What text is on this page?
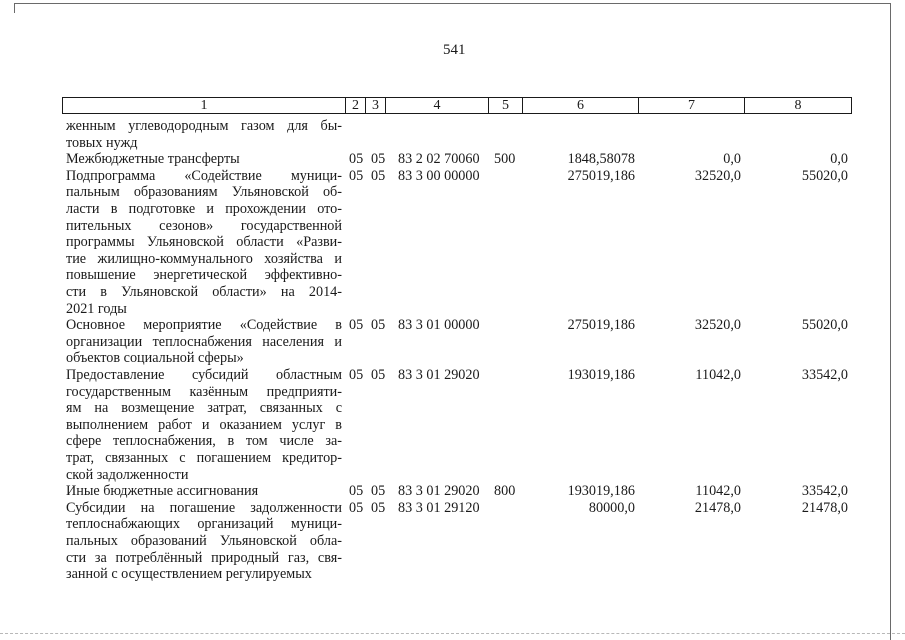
541
1	2 3	4	5	6	7	8
женным углеводородным газом для бы-
товых нужд
Межбюджетные трансферты	05 05 83 2 02 70060 500	1848,58078	0,0	0,0
Подпрограмма «Содействие муници-
пальным образованиям Ульяновской об-
ласти в подготовке и прохождении ото-
пительных сезонов» государственной
программы Ульяновской области «Разви-
тие жилищно-коммунального хозяйства и
повышение энергетической эффективно-
сти в Ульяновской области» на 2014-
2021 годы
05 05 83 3 00 00000	275019,186	32520,0	55020,0
Основное мероприятие «Содействие в
организации теплоснабжения населения и
объектов социальной сферы»
05 05 83 3 01 00000	275019,186	32520,0	55020,0
Предоставление субсидий областным
государственным казённым предприяти-
ям на возмещение затрат, связанных с
выполнением работ и оказанием услуг в
сфере теплоснабжения, в том числе за-
трат, связанных с погашением кредитор-
ской задолженности
05 05 83 3 01 29020	193019,186	11042,0	33542,0
Иные бюджетные ассигнования	05 05 83 3 01 29020 800	193019,186	11042,0	33542,0
Субсидии на погашение задолженности
теплоснабжающих организаций муници-
пальных образований Ульяновской обла-
сти за потреблённый природный газ, свя-
занной с осуществлением регулируемых
05 05 83 3 01 29120	80000,0	21478,0	21478,0
